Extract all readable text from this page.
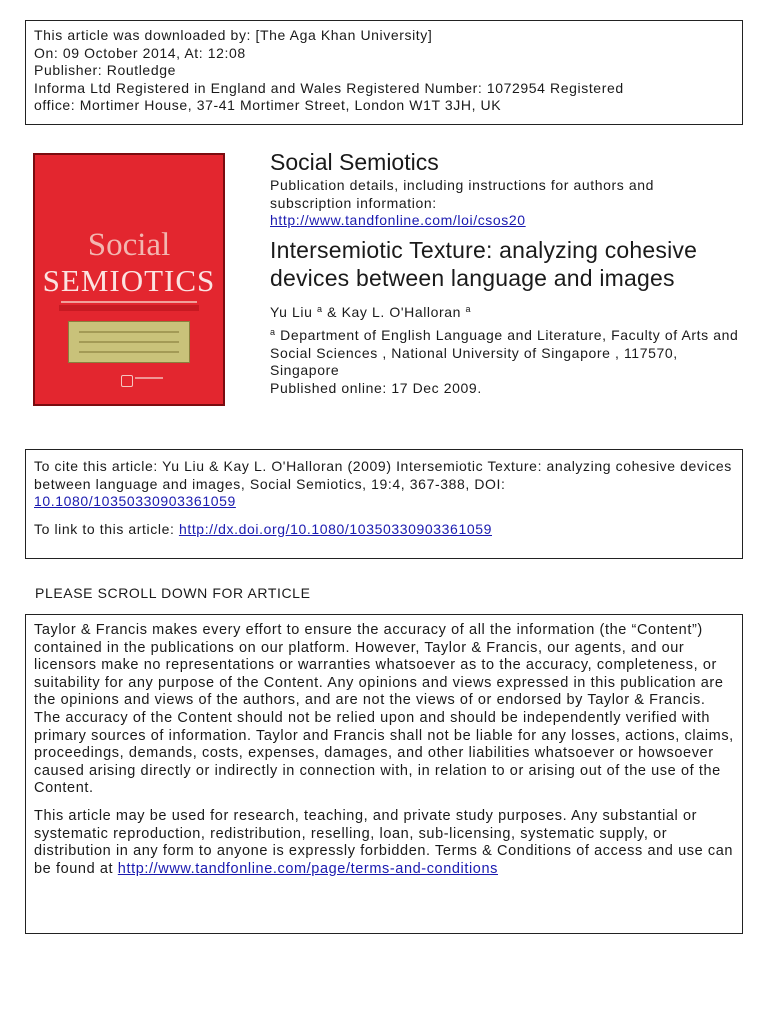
This article was downloaded by: [The Aga Khan University]
On: 09 October 2014, At: 12:08
Publisher: Routledge
Informa Ltd Registered in England and Wales Registered Number: 1072954 Registered
office: Mortimer House, 37-41 Mortimer Street, London W1T 3JH, UK
Social
SEMIOTICS
Social Semiotics
Publication details, including instructions for authors and subscription information:
http://www.tandfonline.com/loi/csos20
Intersemiotic Texture: analyzing cohesive devices between language and images
Yu Liu $^a$ & Kay L. O'Halloran $^a$
$^a$ Department of English Language and Literature, Faculty of Arts and Social Sciences , National University of Singapore , 117570, Singapore
Published online: 17 Dec 2009.

To cite this article: Yu Liu & Kay L. O'Halloran (2009) Intersemiotic Texture: analyzing cohesive devices between language and images, Social Semiotics, 19:4, 367-388, DOI:
10.1080/10350330903361059

To link to this article: http://dx.doi.org/10.1080/10350330903361059

PLEASE SCROLL DOWN FOR ARTICLE

Taylor & Francis makes every effort to ensure the accuracy of all the information (the “Content”) contained in the publications on our platform. However, Taylor & Francis, our agents, and our licensors make no representations or warranties whatsoever as to the accuracy, completeness, or suitability for any purpose of the Content. Any opinions and views expressed in this publication are the opinions and views of the authors, and are not the views of or endorsed by Taylor & Francis. The accuracy of the Content should not be relied upon and should be independently verified with primary sources of information. Taylor and Francis shall not be liable for any losses, actions, claims, proceedings, demands, costs, expenses, damages, and other liabilities whatsoever or howsoever caused arising directly or indirectly in connection with, in relation to or arising out of the use of the Content.

This article may be used for research, teaching, and private study purposes. Any substantial or systematic reproduction, redistribution, reselling, loan, sub-licensing, systematic supply, or distribution in any form to anyone is expressly forbidden. Terms & Conditions of access and use can be found at http://www.tandfonline.com/page/terms-and-conditions
